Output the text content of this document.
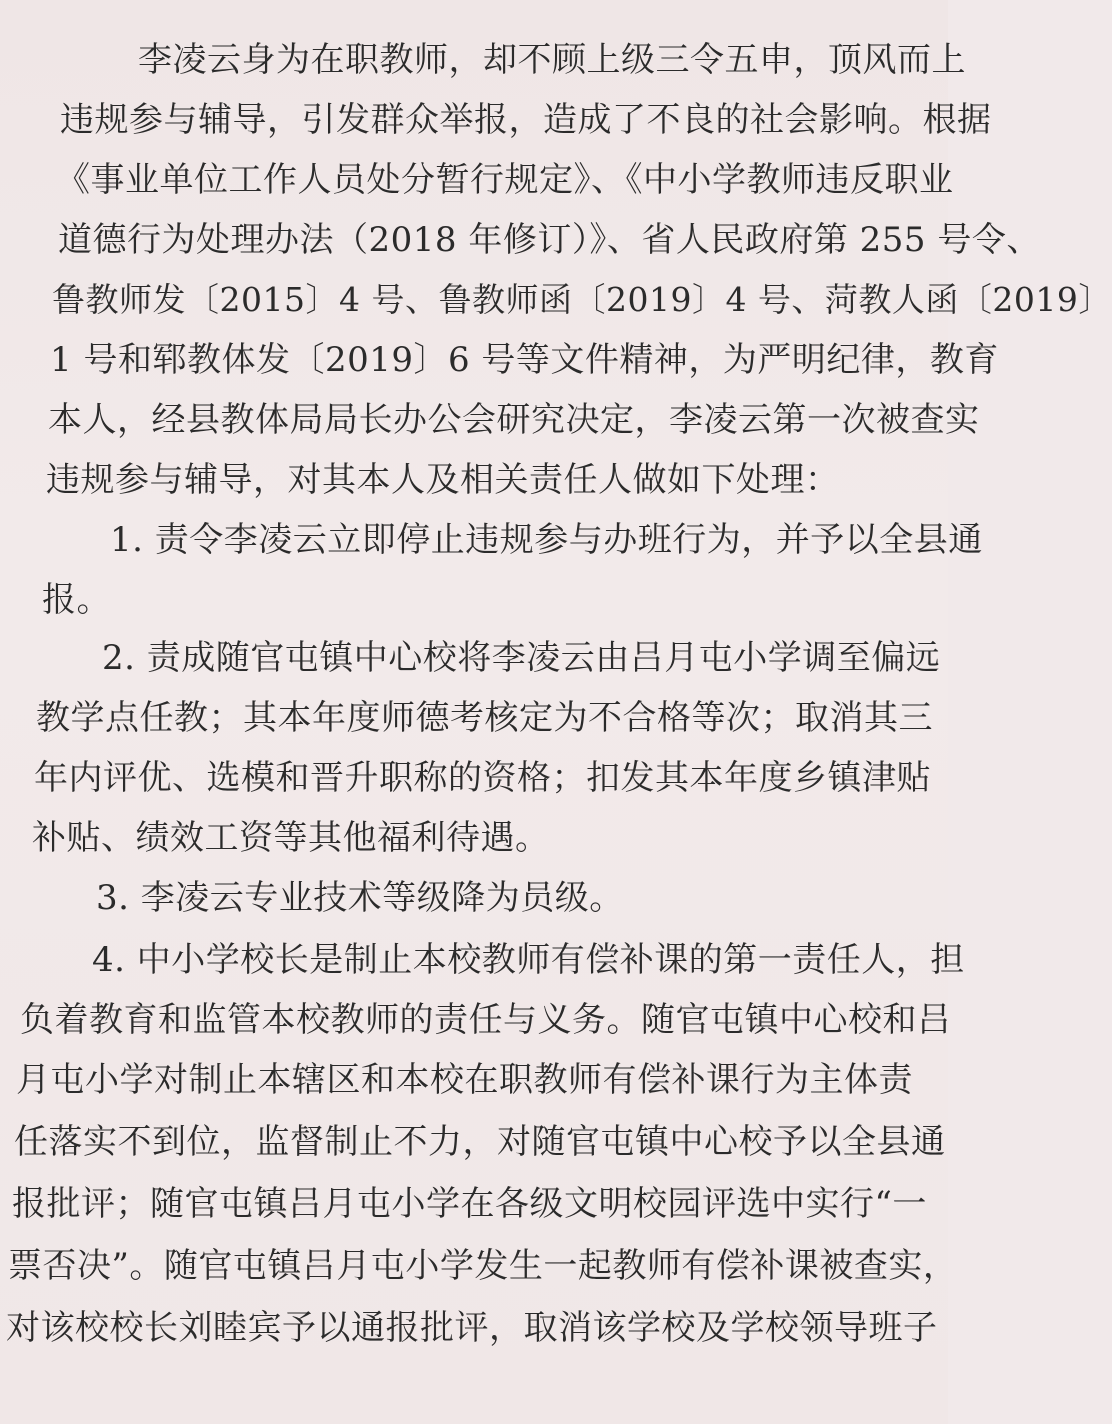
李凌云身为在职教师，却不顾上级三令五申，顶风而上
违规参与辅导，引发群众举报，造成了不良的社会影响。根据
《事业单位工作人员处分暂行规定》、《中小学教师违反职业
道德行为处理办法（2018 年修订）》、省人民政府第 255 号令、
鲁教师发〔2015〕4 号、鲁教师函〔2019〕4 号、菏教人函〔2019〕
1 号和郓教体发〔2019〕6 号等文件精神，为严明纪律，教育
本人，经县教体局局长办公会研究决定，李凌云第一次被查实
违规参与辅导，对其本人及相关责任人做如下处理：
1. 责令李凌云立即停止违规参与办班行为，并予以全县通
报。
2. 责成随官屯镇中心校将李凌云由吕月屯小学调至偏远
教学点任教；其本年度师德考核定为不合格等次；取消其三
年内评优、选模和晋升职称的资格；扣发其本年度乡镇津贴
补贴、绩效工资等其他福利待遇。
3. 李凌云专业技术等级降为员级。
4. 中小学校长是制止本校教师有偿补课的第一责任人，担
负着教育和监管本校教师的责任与义务。随官屯镇中心校和吕
月屯小学对制止本辖区和本校在职教师有偿补课行为主体责
任落实不到位，监督制止不力，对随官屯镇中心校予以全县通
报批评；随官屯镇吕月屯小学在各级文明校园评选中实行“一
票否决”。随官屯镇吕月屯小学发生一起教师有偿补课被查实，
对该校校长刘睦宾予以通报批评，取消该学校及学校领导班子
